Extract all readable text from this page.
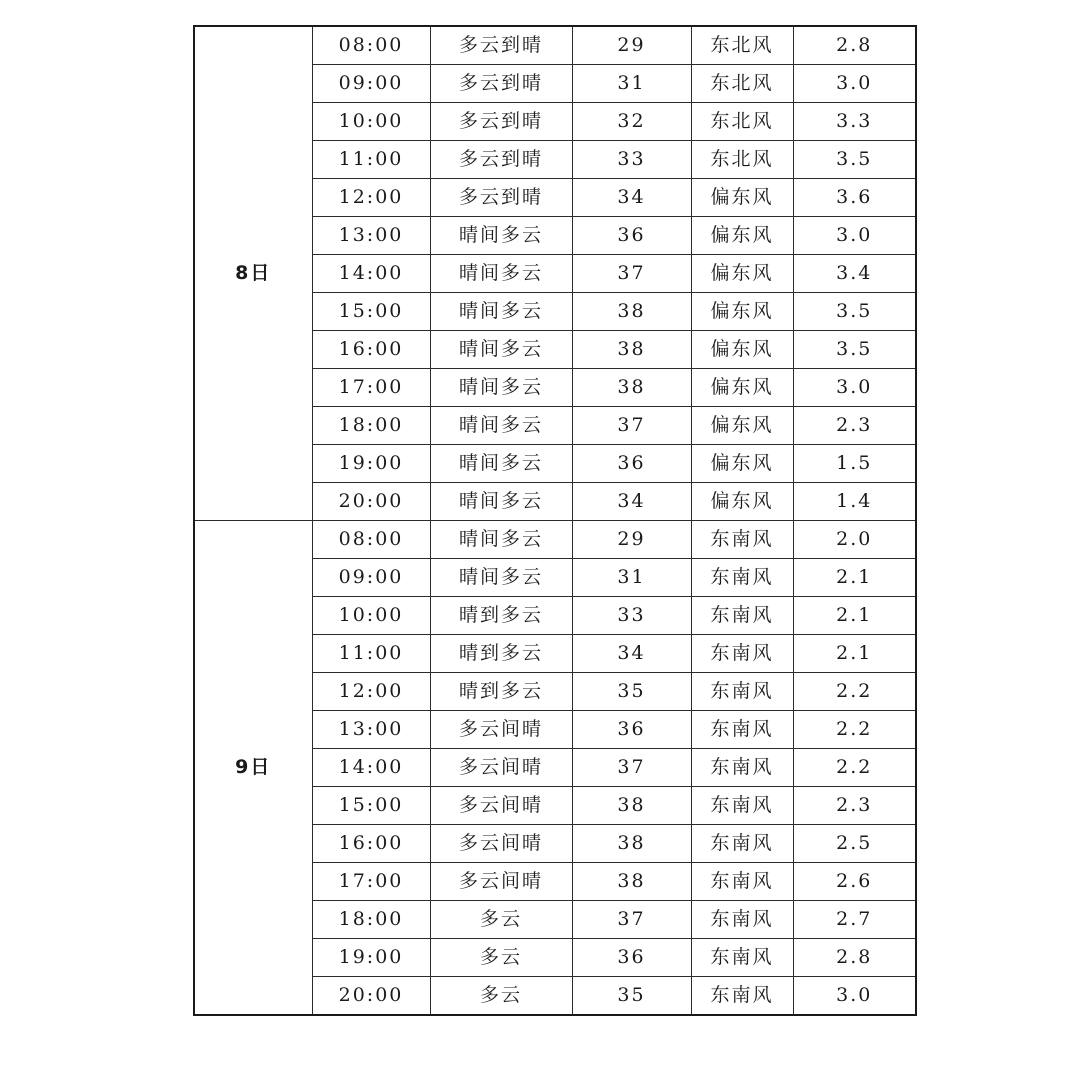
8日	08:00	多云到晴	29	东北风	2.8
	09:00	多云到晴	31	东北风	3.0
	10:00	多云到晴	32	东北风	3.3
	11:00	多云到晴	33	东北风	3.5
	12:00	多云到晴	34	偏东风	3.6
	13:00	晴间多云	36	偏东风	3.0
	14:00	晴间多云	37	偏东风	3.4
	15:00	晴间多云	38	偏东风	3.5
	16:00	晴间多云	38	偏东风	3.5
	17:00	晴间多云	38	偏东风	3.0
	18:00	晴间多云	37	偏东风	2.3
	19:00	晴间多云	36	偏东风	1.5
	20:00	晴间多云	34	偏东风	1.4
9日	08:00	晴间多云	29	东南风	2.0
	09:00	晴间多云	31	东南风	2.1
	10:00	晴到多云	33	东南风	2.1
	11:00	晴到多云	34	东南风	2.1
	12:00	晴到多云	35	东南风	2.2
	13:00	多云间晴	36	东南风	2.2
	14:00	多云间晴	37	东南风	2.2
	15:00	多云间晴	38	东南风	2.3
	16:00	多云间晴	38	东南风	2.5
	17:00	多云间晴	38	东南风	2.6
	18:00	多云	37	东南风	2.7
	19:00	多云	36	东南风	2.8
	20:00	多云	35	东南风	3.0
